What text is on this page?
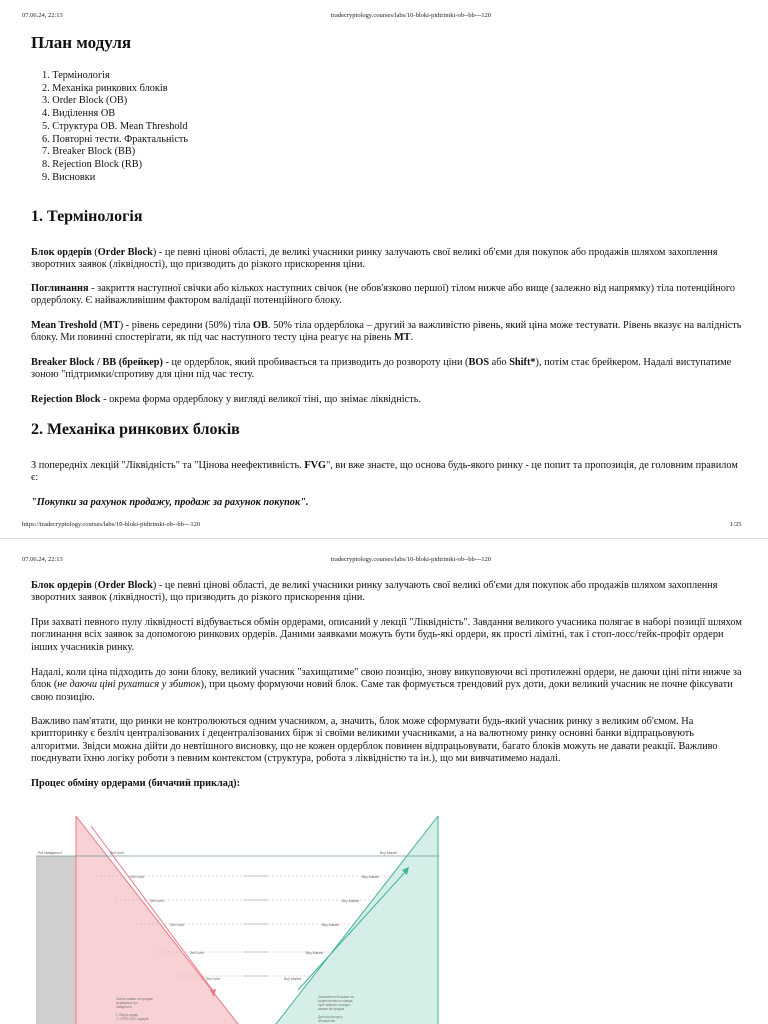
07.06.24, 22:13	tradecryptology.courses/labs/10-bloki-pidtrimki-ob--bb---120
План модуля
1. Термінологія
2. Механіка ринкових блоків
3. Order Block (OB)
4. Виділення OB
5. Структура OB. Mean Threshold
6. Повторні тести. Фрактальність
7. Breaker Block (BB)
8. Rejection Block (RB)
9. Висновки
1. Термінологія
Блок ордерів (Order Block) - це певні цінові області, де великі учасники ринку залучають свої великі об'єми для покупок або продажів шляхом захоплення зворотних заявок (ліквідності), що призводить до різкого прискорення ціни.
Поглинання - закриття наступної свічки або кількох наступних свічок (не обов'язково першої) тілом нижче або вище (залежно від напрямку) тіла потенційного ордерблоку. Є найважливішим фактором валідації потенційного блоку.
Mean Treshold (MT) - рівень середини (50%) тіла OB. 50% тіла ордерблока – другий за важливістю рівень, який ціна може тестувати. Рівень вказує на валідність блоку. Ми повинні спостерігати, як під час наступного тесту ціна реагує на рівень MT.
Breaker Block / BB (брейкер) - це ордерблок, який пробивається та призводить до розвороту ціни (BOS або Shift*), потім стає брейкером. Надалі виступатиме зоною "підтримки/спротиву для ціни під час тесту.
Rejection Block - окрема форма ордерблоку у вигляді великої тіні, що знімає ліквідність.
2. Механіка ринкових блоків
З попередніх лекцій "Ліквідність" та "Цінова неефективність. FVG", ви вже знаєте, що основа будь-якого ринку - це попит та пропозиція, де головним правилом є:
"Покупки за рахунок продажу, продаж за рахунок покупок".
https://tradecryptology.courses/labs/10-bloki-pidtrimki-ob--bb---120	1/25
07.06.24, 22:13	tradecryptology.courses/labs/10-bloki-pidtrimki-ob--bb---120
Блок ордерів (Order Block) - це певні цінові області, де великі учасники ринку залучають свої великі об'єми для покупок або продажів шляхом захоплення зворотних заявок (ліквідності), що призводить до різкого прискорення ціни.
При захваті певного пулу ліквідності відбувається обмін ордерами, описаний у лекції "Ліквідність". Завдання великого учасника полягає в наборі позиції шляхом поглинання всіх заявок за допомогою ринкових ордерів. Даними заявками можуть бути будь-які ордери, як прості лімітні, так і стоп-лосс/тейк-профіт ордери інших учасників ринку.
Надалі, коли ціна підходить до зони блоку, великий учасник "захищатиме" свою позицію, знову викуповуючи всі протилежні ордери, не даючи ціні піти нижче за блок (не даючи ціні рухатися у збиток), при цьому формуючи новий блок. Саме так формується трендовий рух доти, доки великий учасник не почне фіксувати свою позицію.
Важливо пам'ятати, що ринки не контролюються одним учасником, а, значить, блок може сформувати будь-який учасник ринку з великим об'ємом. На крипторинку є безліч централізованих і децентралізованих бірж зі своїми великими учасниками, а на валютному ринку основні банки відпрацьовують алгоритми. Звідси можна дійти до невтішного висновку, що не кожен ордерблок повинен відпрацьовувати, багато блоків можуть не давати реакції. Важливо поєднувати їхню логіку роботи з певним контекстом (структура, робота з ліквідністю та ін.), що ми вивчатимемо надалі.
Процес обміну ордерами (бичачий приклад):
Pul ліквідності	Sell Limit
Sell Limit
Sell Limit
Sell Limit
Sell Limit
Sell Limit
Buy Market
Buy Market
Buy Market
Buy Market
Buy Market
Buy Market
Лімітні заявки на продаж
формуючи пул
ліквідності.
1. Вхід в ордер
2. СТОП-ЛОС ордерів
Заповнення блоками на
купівлі великого гравця,
щоб набрати позицію
заявки на продаж.
Далі від процесу
збільшення
